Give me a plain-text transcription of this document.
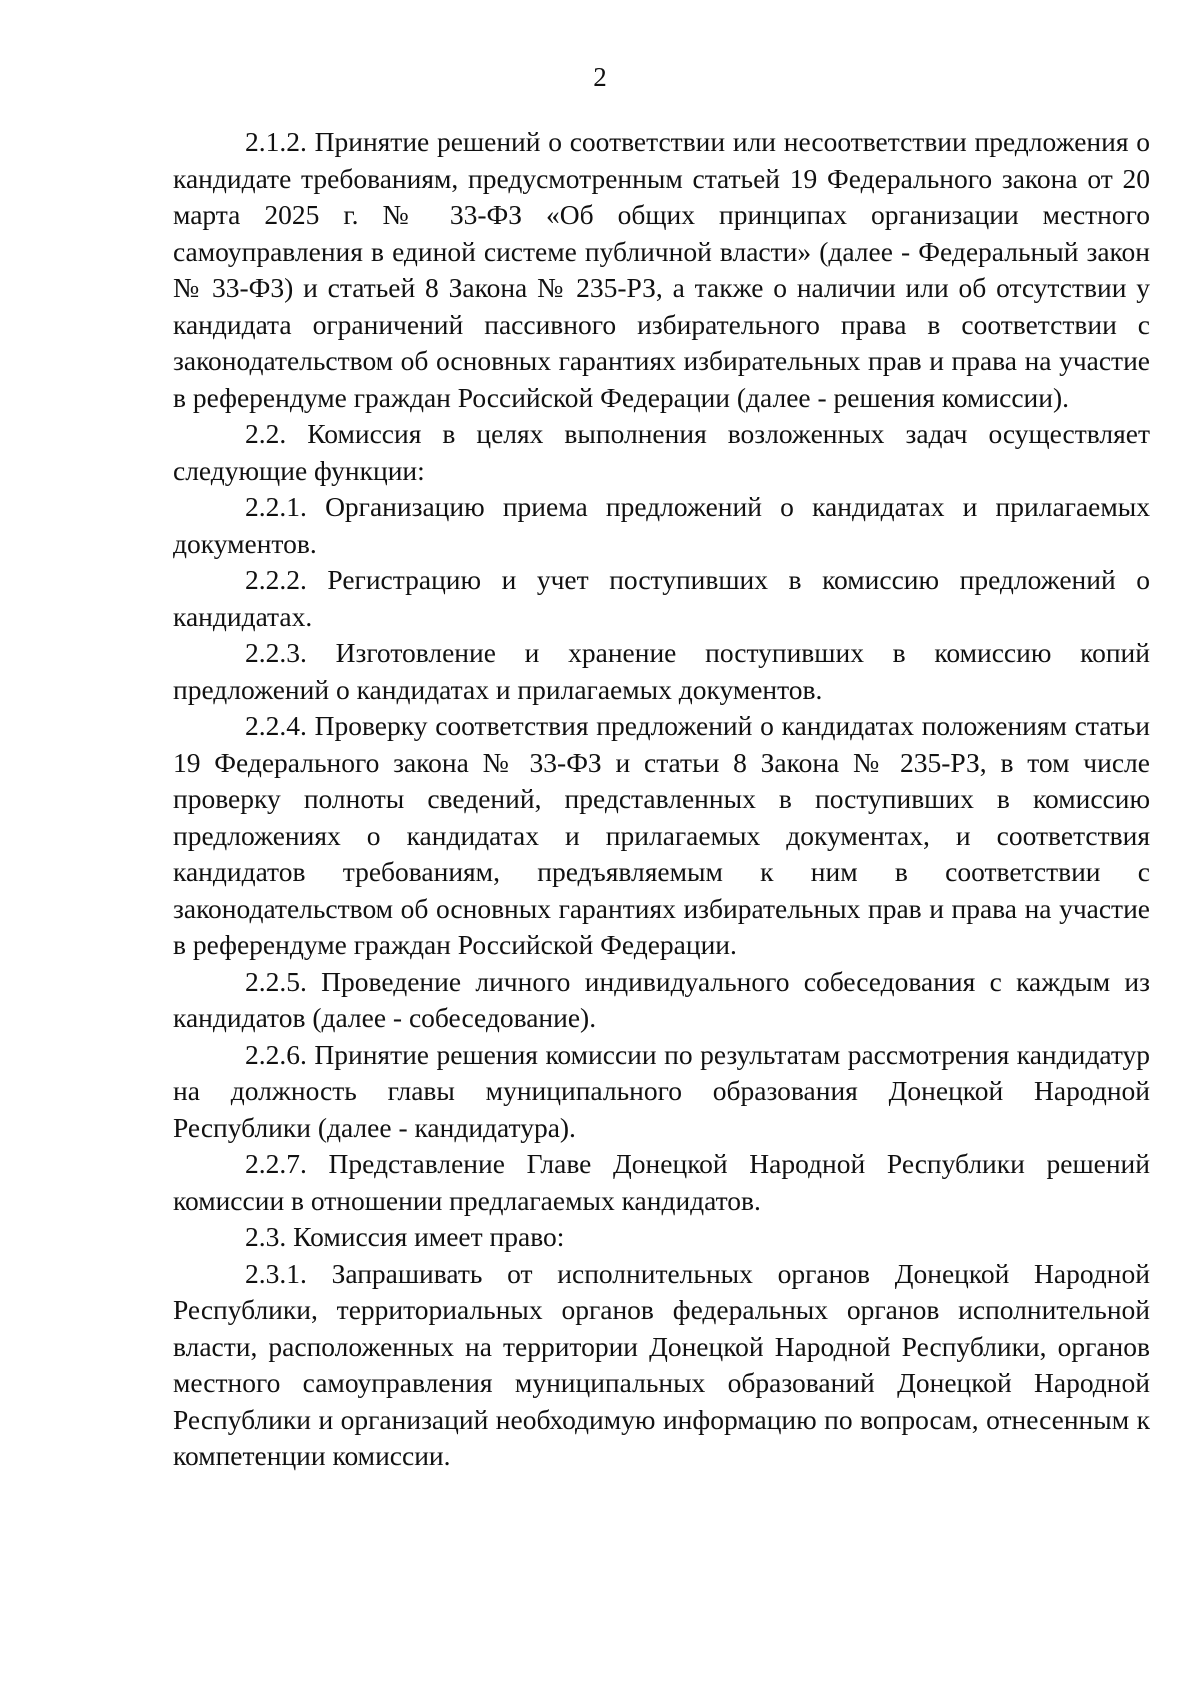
2

2.1.2. Принятие решений о соответствии или несоответствии предложения о кандидате требованиям, предусмотренным статьей 19 Федерального закона от 20 марта 2025 г. № 33-ФЗ «Об общих принципах организации местного самоуправления в единой системе публичной власти» (далее - Федеральный закон № 33-Ф3) и статьей 8 Закона № 235-РЗ, а также о наличии или об отсутствии у кандидата ограничений пассивного избирательного права в соответствии с законодательством об основных гарантиях избирательных прав и права на участие в референдуме граждан Российской Федерации (далее - решения комиссии).

2.2. Комиссия в целях выполнения возложенных задач осуществляет следующие функции:

2.2.1. Организацию приема предложений о кандидатах и прилагаемых документов.

2.2.2. Регистрацию и учет поступивших в комиссию предложений о кандидатах.

2.2.3. Изготовление и хранение поступивших в комиссию копий предложений о кандидатах и прилагаемых документов.

2.2.4. Проверку соответствия предложений о кандидатах положениям статьи 19 Федерального закона № 33-ФЗ и статьи 8 Закона № 235-РЗ, в том числе проверку полноты сведений, представленных в поступивших в комиссию предложениях о кандидатах и прилагаемых документах, и соответствия кандидатов требованиям, предъявляемым к ним в соответствии с законодательством об основных гарантиях избирательных прав и права на участие в референдуме граждан Российской Федерации.

2.2.5. Проведение личного индивидуального собеседования с каждым из кандидатов (далее - собеседование).

2.2.6. Принятие решения комиссии по результатам рассмотрения кандидатур на должность главы муниципального образования Донецкой Народной Республики (далее - кандидатура).

2.2.7. Представление Главе Донецкой Народной Республики решений комиссии в отношении предлагаемых кандидатов.

2.3. Комиссия имеет право:

2.3.1. Запрашивать от исполнительных органов Донецкой Народной Республики, территориальных органов федеральных органов исполнительной власти, расположенных на территории Донецкой Народной Республики, органов местного самоуправления муниципальных образований Донецкой Народной Республики и организаций необходимую информацию по вопросам, отнесенным к компетенции комиссии.
